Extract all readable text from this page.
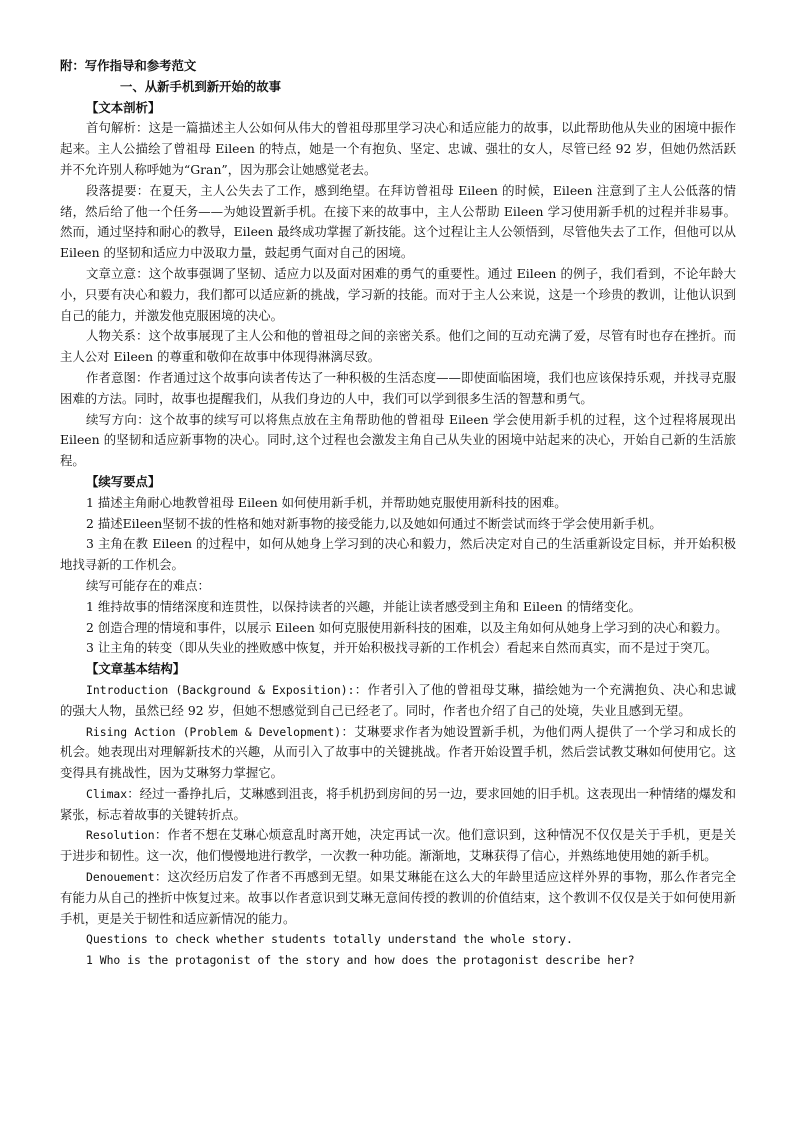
附：写作指导和参考范文

一、从新手机到新开始的故事

【文本剖析】

首句解析：这是一篇描述主人公如何从伟大的曾祖母那里学习决心和适应能力的故事，以此帮助他从失业的困境中振作起来。主人公描绘了曾祖母 Eileen 的特点，她是一个有抱负、坚定、忠诚、强壮的女人，尽管已经 92 岁，但她仍然活跃并不允许别人称呼她为“Gran”，因为那会让她感觉老去。

段落提要：在夏天，主人公失去了工作，感到绝望。在拜访曾祖母 Eileen 的时候，Eileen 注意到了主人公低落的情绪，然后给了他一个任务——为她设置新手机。在接下来的故事中，主人公帮助 Eileen 学习使用新手机的过程并非易事。然而，通过坚持和耐心的教导，Eileen 最终成功掌握了新技能。这个过程让主人公领悟到，尽管他失去了工作，但他可以从 Eileen 的坚韧和适应力中汲取力量，鼓起勇气面对自己的困境。

文章立意：这个故事强调了坚韧、适应力以及面对困难的勇气的重要性。通过 Eileen 的例子，我们看到，不论年龄大小，只要有决心和毅力，我们都可以适应新的挑战，学习新的技能。而对于主人公来说，这是一个珍贵的教训，让他认识到自己的能力，并激发他克服困境的决心。

人物关系：这个故事展现了主人公和他的曾祖母之间的亲密关系。他们之间的互动充满了爱，尽管有时也存在挫折。而主人公对 Eileen 的尊重和敬仰在故事中体现得淋漓尽致。

作者意图：作者通过这个故事向读者传达了一种积极的生活态度——即使面临困境，我们也应该保持乐观，并找寻克服困难的方法。同时，故事也提醒我们，从我们身边的人中，我们可以学到很多生活的智慧和勇气。

续写方向：这个故事的续写可以将焦点放在主角帮助他的曾祖母 Eileen 学会使用新手机的过程，这个过程将展现出 Eileen 的坚韧和适应新事物的决心。同时,这个过程也会激发主角自己从失业的困境中站起来的决心，开始自己新的生活旅程。

【续写要点】

1 描述主角耐心地教曾祖母 Eileen 如何使用新手机，并帮助她克服使用新科技的困难。

2 描述Eileen坚韧不拔的性格和她对新事物的接受能力,以及她如何通过不断尝试而终于学会使用新手机。

3 主角在教 Eileen 的过程中，如何从她身上学习到的决心和毅力，然后决定对自己的生活重新设定目标，并开始积极地找寻新的工作机会。

续写可能存在的难点：

1 维持故事的情绪深度和连贯性，以保持读者的兴趣，并能让读者感受到主角和 Eileen 的情绪变化。

2 创造合理的情境和事件，以展示 Eileen 如何克服使用新科技的困难，以及主角如何从她身上学习到的决心和毅力。

3 让主角的转变（即从失业的挫败感中恢复，并开始积极找寻新的工作机会）看起来自然而真实，而不是过于突兀。

【文章基本结构】

Introduction (Background & Exposition):：作者引入了他的曾祖母艾琳，描绘她为一个充满抱负、决心和忠诚的强大人物，虽然已经 92 岁，但她不想感觉到自己已经老了。同时，作者也介绍了自己的处境，失业且感到无望。

Rising Action (Problem & Development)：艾琳要求作者为她设置新手机，为他们两人提供了一个学习和成长的机会。她表现出对理解新技术的兴趣，从而引入了故事中的关键挑战。作者开始设置手机，然后尝试教艾琳如何使用它。这变得具有挑战性，因为艾琳努力掌握它。

Climax：经过一番挣扎后，艾琳感到沮丧，将手机扔到房间的另一边，要求回她的旧手机。这表现出一种情绪的爆发和紧张，标志着故事的关键转折点。

Resolution：作者不想在艾琳心烦意乱时离开她，决定再试一次。他们意识到，这种情况不仅仅是关于手机，更是关于进步和韧性。这一次，他们慢慢地进行教学，一次教一种功能。渐渐地，艾琳获得了信心，并熟练地使用她的新手机。

Denouement：这次经历启发了作者不再感到无望。如果艾琳能在这么大的年龄里适应这样外界的事物，那么作者完全有能力从自己的挫折中恢复过来。故事以作者意识到艾琳无意间传授的教训的价值结束，这个教训不仅仅是关于如何使用新手机，更是关于韧性和适应新情况的能力。

Questions to check whether students totally understand the whole story.

1 Who is the protagonist of the story and how does the protagonist describe her?
